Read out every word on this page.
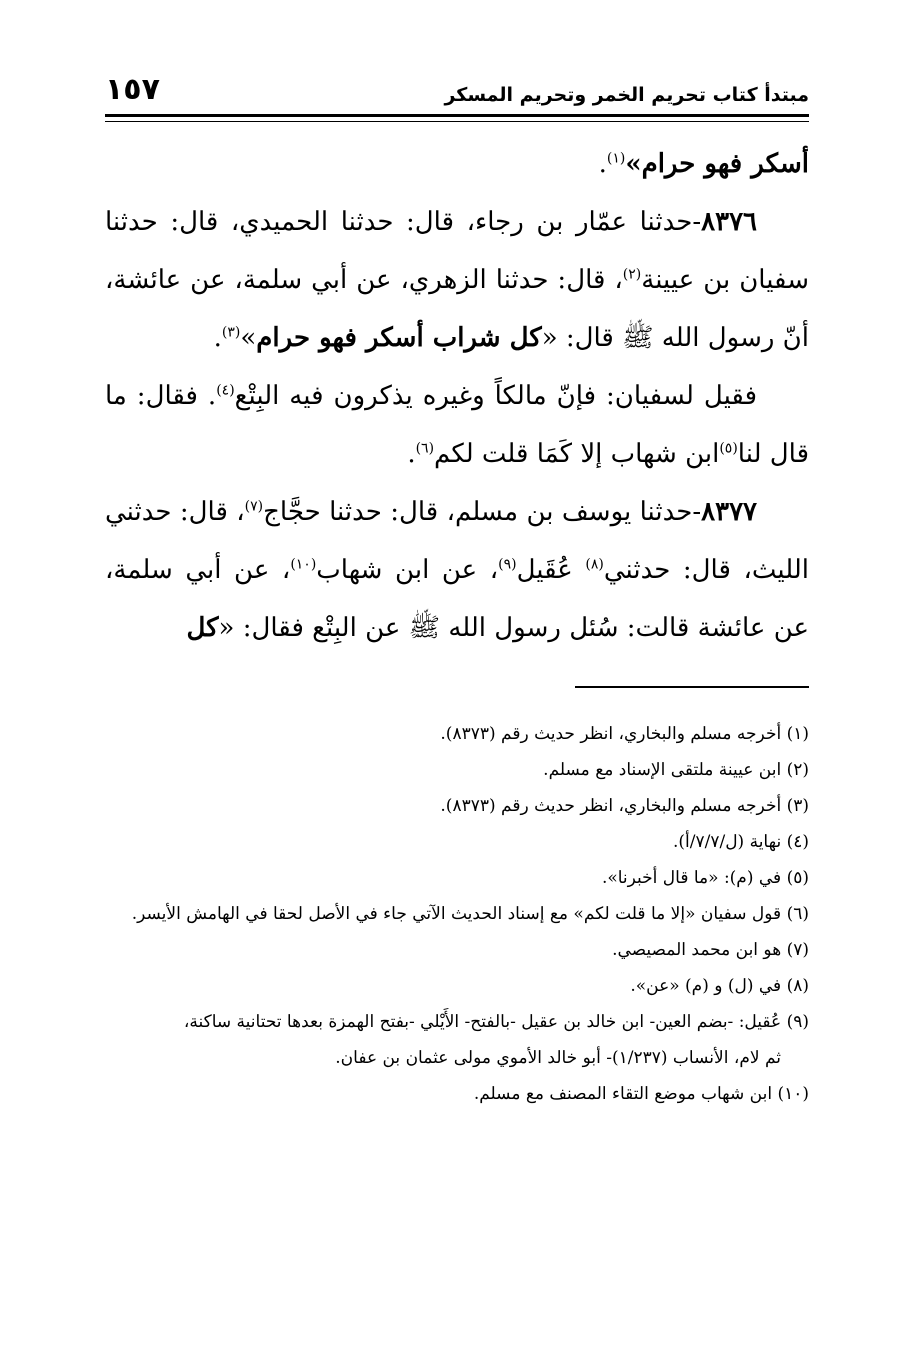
مبتدأ كتاب تحريم الخمر وتحريم المسكر
١٥٧

أسكر فهو حرام»$^{(١)}$.

٨٣٧٦-حدثنا عمّار بن رجاء، قال: حدثنا الحميدي، قال: حدثنا سفيان بن عيينة$^{(٢)}$، قال: حدثنا الزهري، عن أبي سلمة، عن عائشة، أنّ رسول الله ﷺ قال: «كل شراب أسكر فهو حرام»$^{(٣)}$.

فقيل لسفيان: فإنّ مالكاً وغيره يذكرون فيه البِتْع$^{(٤)}$. فقال: ما قال لنا$^{(٥)}$ابن شهاب إلا كَمَا قلت لكم$^{(٦)}$.

٨٣٧٧-حدثنا يوسف بن مسلم، قال: حدثنا حجَّاج$^{(٧)}$، قال: حدثني الليث، قال: حدثني$^{(٨)}$ عُقَيل$^{(٩)}$، عن ابن شهاب$^{(١٠)}$، عن أبي سلمة، عن عائشة قالت: سُئل رسول الله ﷺ عن البِتْع فقال: «كل

(١) أخرجه مسلم والبخاري، انظر حديث رقم (٨٣٧٣).

(٢) ابن عيينة ملتقى الإسناد مع مسلم.

(٣) أخرجه مسلم والبخاري، انظر حديث رقم (٨٣٧٣).

(٤) نهاية (ل/٧/٧/أ).

(٥) في (م): «ما قال أخبرنا».

(٦) قول سفيان «إلا ما قلت لكم» مع إسناد الحديث الآتي جاء في الأصل لحقا في الهامش الأيسر.

(٧) هو ابن محمد المصيصي.

(٨) في (ل) و (م) «عن».

(٩) عُقيل: -بضم العين- ابن خالد بن عقيل -بالفتح- الأَيْلي -بفتح الهمزة بعدها تحتانية ساكنة،

ثم لام، الأنساب (١/٢٣٧)- أبو خالد الأموي مولى عثمان بن عفان.

(١٠) ابن شهاب موضع التقاء المصنف مع مسلم.
